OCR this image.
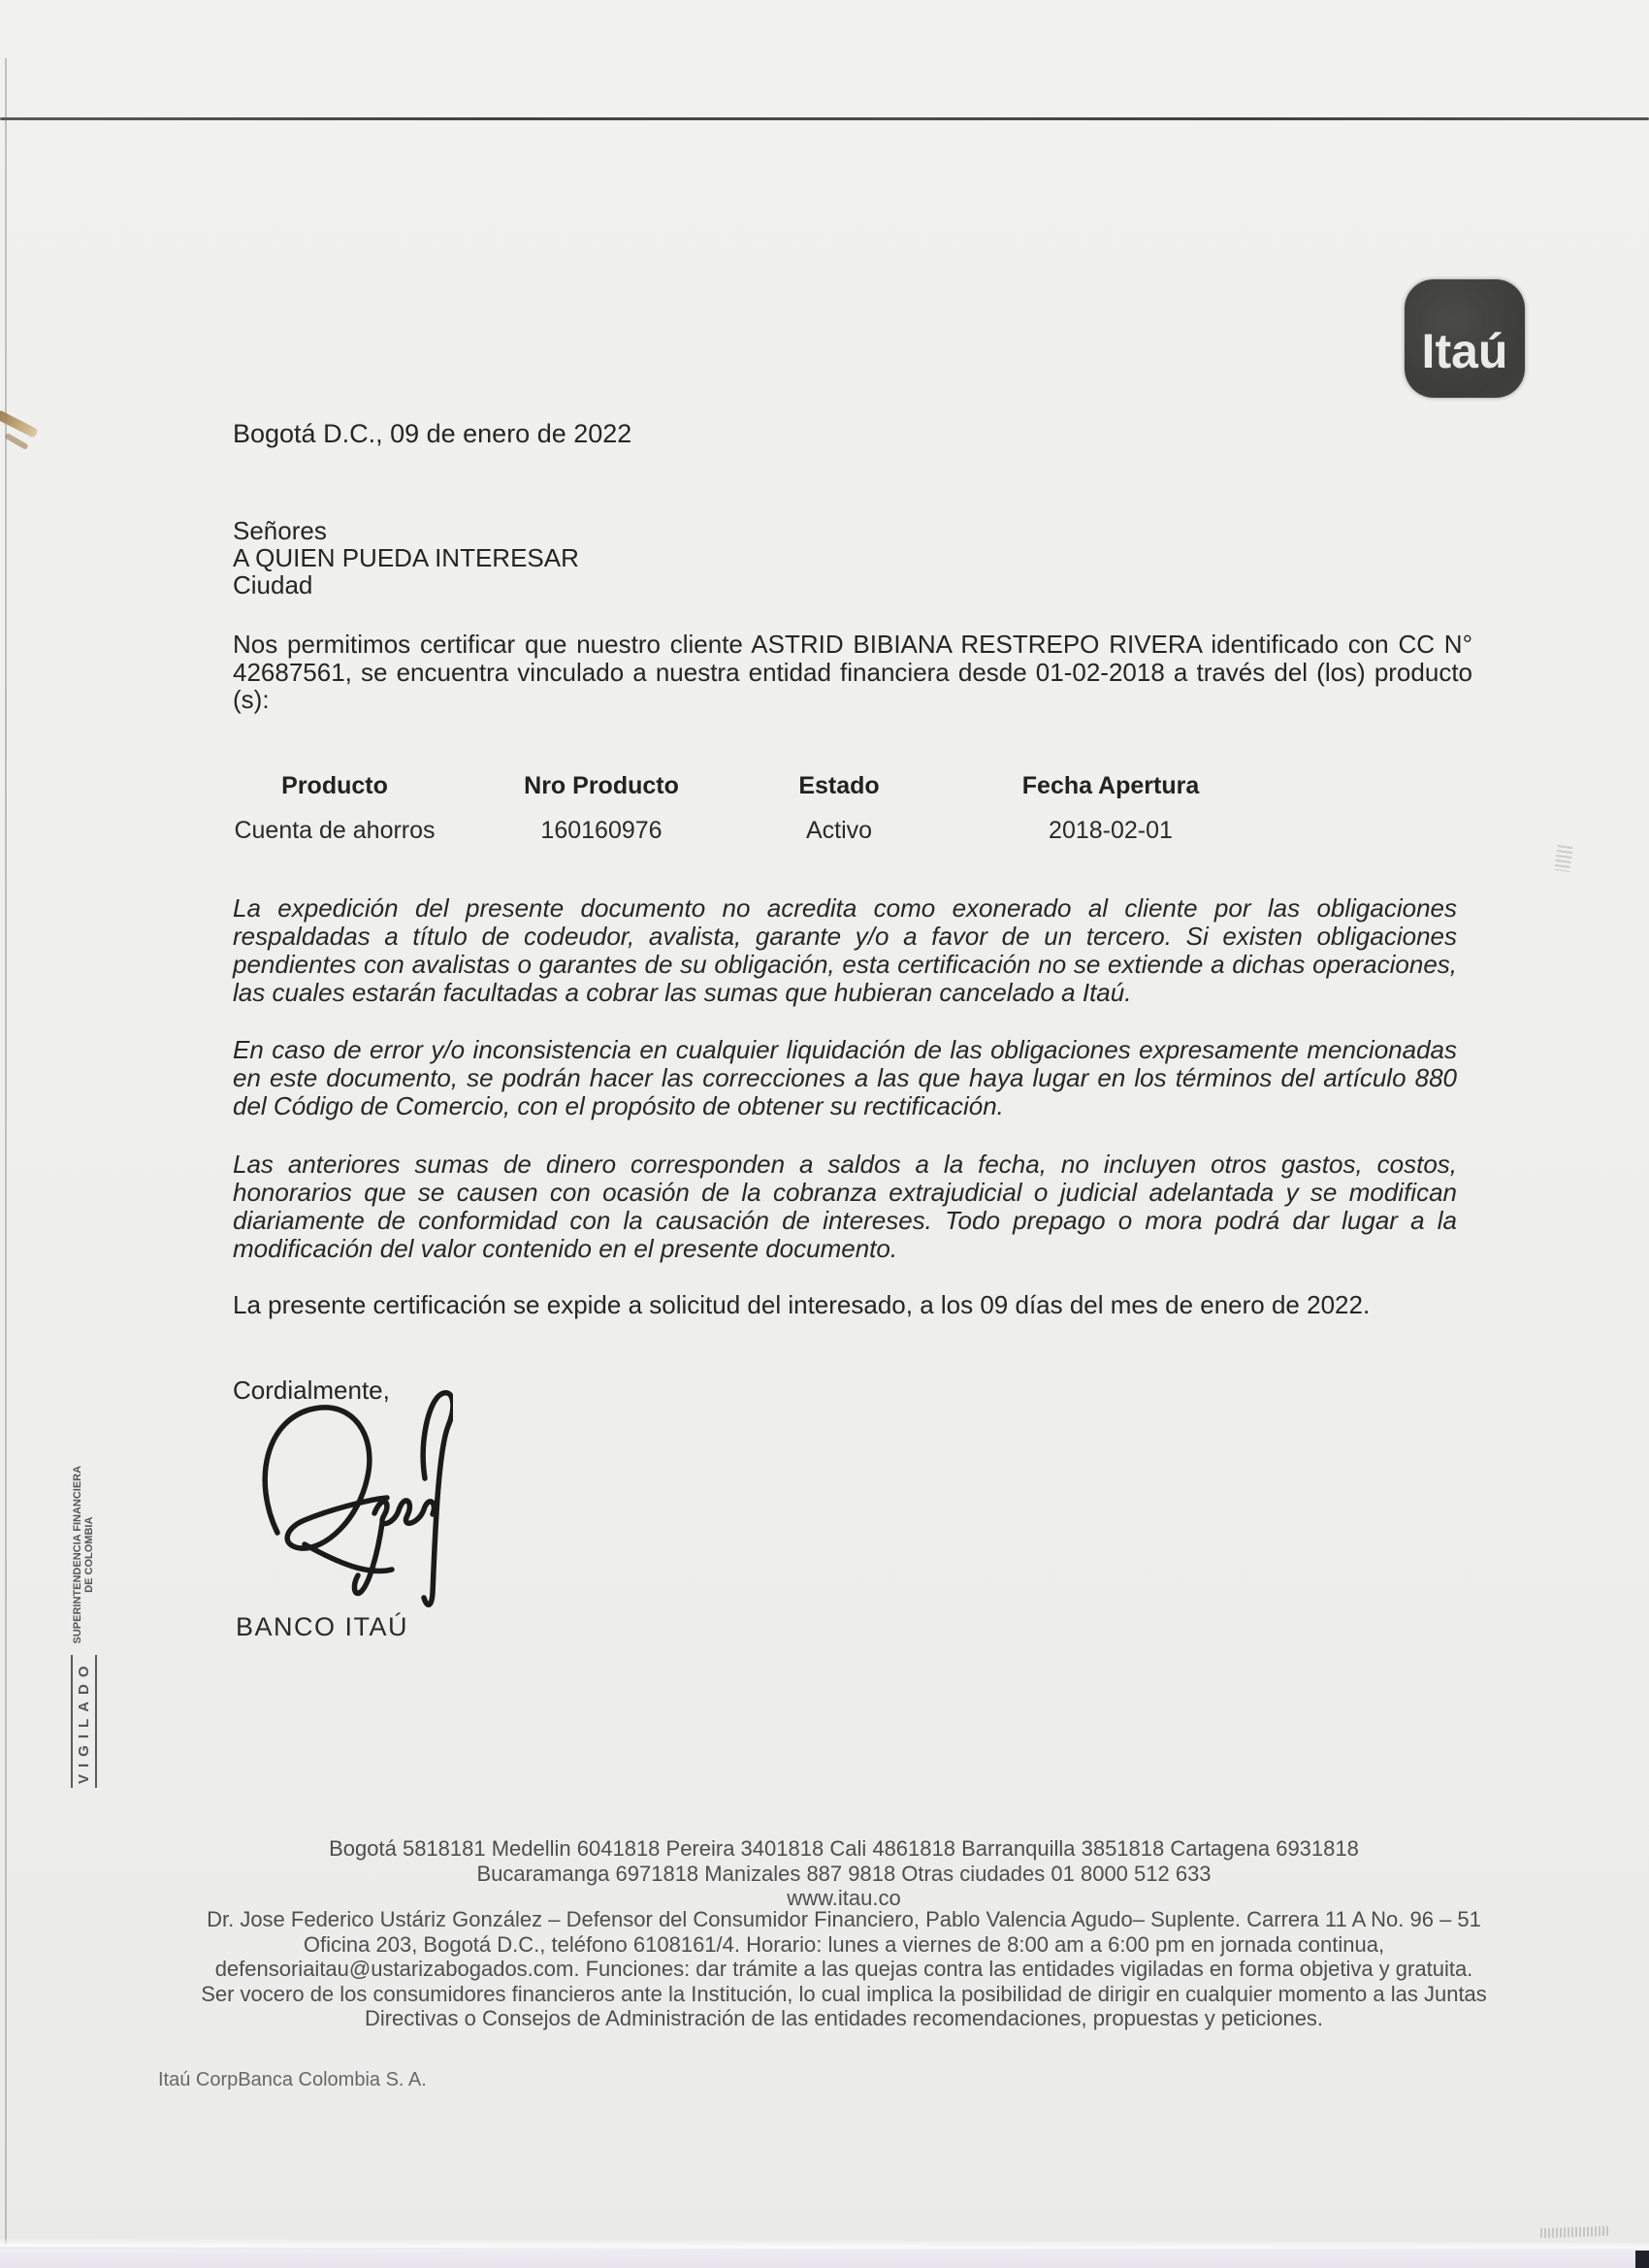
Itaú
Bogotá D.C., 09 de enero de 2022
Señores
A QUIEN PUEDA INTERESAR
Ciudad
Nos permitimos certificar que nuestro cliente ASTRID BIBIANA RESTREPO RIVERA identificado con CC N° 42687561, se encuentra vinculado a nuestra entidad financiera desde 01-02-2018 a través del (los) producto (s):
Producto	Nro Producto	Estado	Fecha Apertura
Cuenta de ahorros	160160976	Activo	2018-02-01
La expedición del presente documento no acredita como exonerado al cliente por las obligaciones respaldadas a título de codeudor, avalista, garante y/o a favor de un tercero. Si existen obligaciones pendientes con avalistas o garantes de su obligación, esta certificación no se extiende a dichas operaciones, las cuales estarán facultadas a cobrar las sumas que hubieran cancelado a Itaú.
En caso de error y/o inconsistencia en cualquier liquidación de las obligaciones expresamente mencionadas en este documento, se podrán hacer las correcciones a las que haya lugar en los términos del artículo 880 del Código de Comercio, con el propósito de obtener su rectificación.
Las anteriores sumas de dinero corresponden a saldos a la fecha, no incluyen otros gastos, costos, honorarios que se causen con ocasión de la cobranza extrajudicial o judicial adelantada y se modifican diariamente de conformidad con la causación de intereses. Todo prepago o mora podrá dar lugar a la modificación del valor contenido en el presente documento.
La presente certificación se expide a solicitud del interesado, a los 09 días del mes de enero de 2022.
Cordialmente,
BANCO ITAÚ
VIGILADO
SUPERINTENDENCIA FINANCIERA DE COLOMBIA
Bogotá 5818181 Medellin 6041818 Pereira 3401818 Cali 4861818 Barranquilla 3851818 Cartagena 6931818
Bucaramanga 6971818 Manizales 887 9818 Otras ciudades 01 8000 512 633
www.itau.co
Dr. Jose Federico Ustáriz González – Defensor del Consumidor Financiero, Pablo Valencia Agudo– Suplente. Carrera 11 A No. 96 – 51 Oficina 203, Bogotá D.C., teléfono 6108161/4. Horario: lunes a viernes de 8:00 am a 6:00 pm en jornada continua, defensoriaitau@ustarizabogados.com. Funciones: dar trámite a las quejas contra las entidades vigiladas en forma objetiva y gratuita. Ser vocero de los consumidores financieros ante la Institución, lo cual implica la posibilidad de dirigir en cualquier momento a las Juntas Directivas o Consejos de Administración de las entidades recomendaciones, propuestas y peticiones.
Itaú CorpBanca Colombia S. A.
